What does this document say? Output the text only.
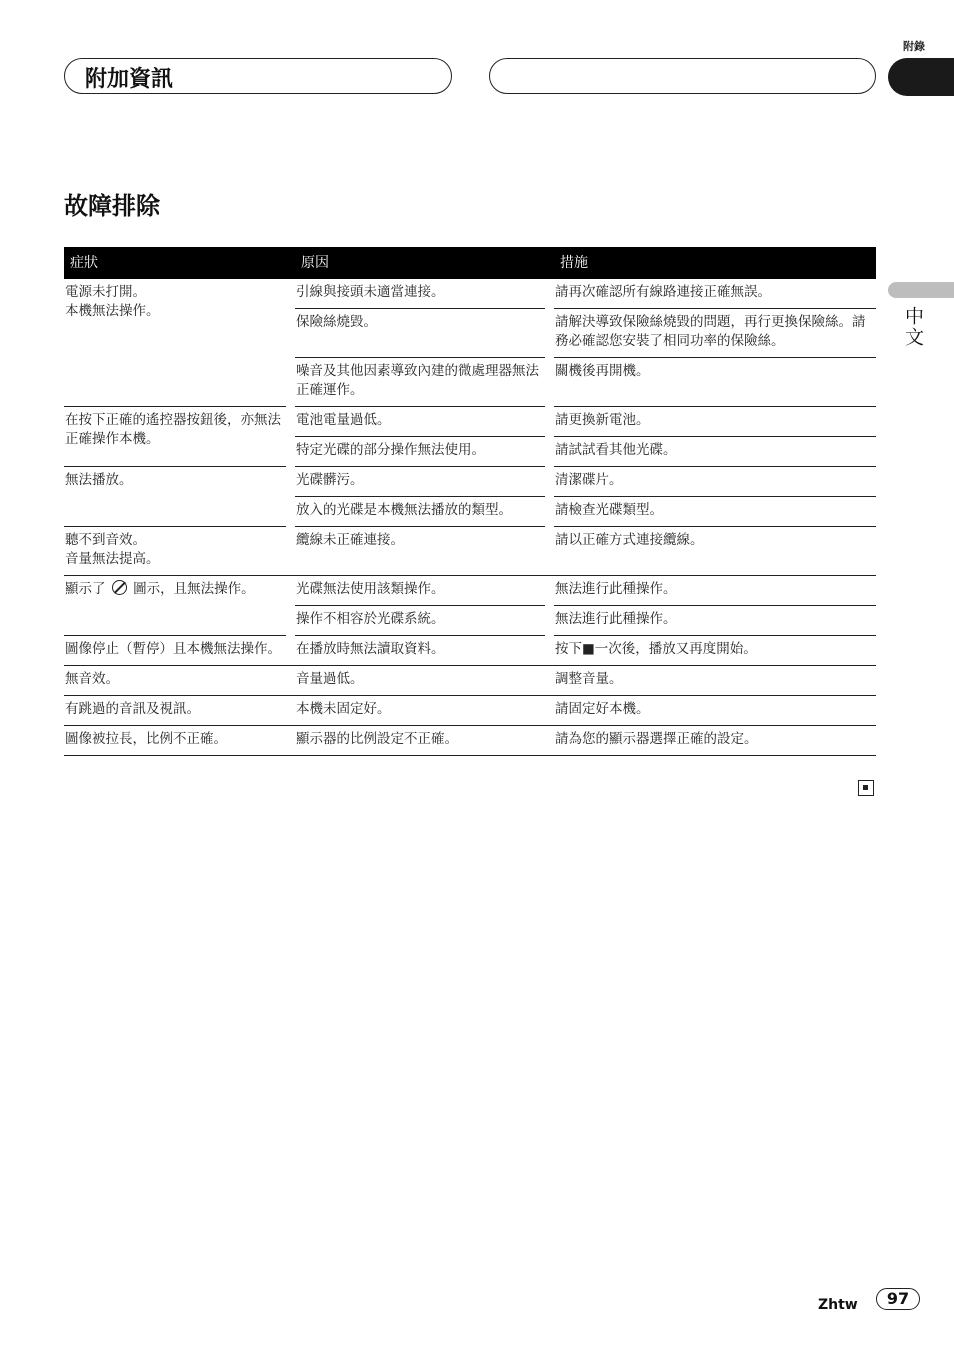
附錄
附加資訊
故障排除
中文
症狀		原因		措施

電源未打開。
本機無法操作。		引線與接頭未適當連接。		請再次確認所有線路連接正確無誤。
		保險絲燒毀。		請解決導致保險絲燒毀的問題，再行更換保險絲。請務必確認您安裝了相同功率的保險絲。
		噪音及其他因素導致內建的微處理器無法正確運作。		關機後再開機。

在按下正確的遙控器按鈕後，亦無法正確操作本機。		電池電量過低。		請更換新電池。
		特定光碟的部分操作無法使用。		請試試看其他光碟。

無法播放。		光碟髒污。		清潔碟片。
		放入的光碟是本機無法播放的類型。		請檢查光碟類型。

聽不到音效。
音量無法提高。		纜線未正確連接。		請以正確方式連接纜線。
顯示了 圖示，且無法操作。		光碟無法使用該類操作。		無法進行此種操作。
		操作不相容於光碟系統。		無法進行此種操作。

圖像停止（暫停）且本機無法操作。		在播放時無法讀取資料。		按下■一次後，播放又再度開始。

無音效。		音量過低。		調整音量。

有跳過的音訊及視訊。		本機未固定好。		請固定好本機。

圖像被拉長，比例不正確。		顯示器的比例設定不正確。		請為您的顯示器選擇正確的設定。
Zhtw	97
